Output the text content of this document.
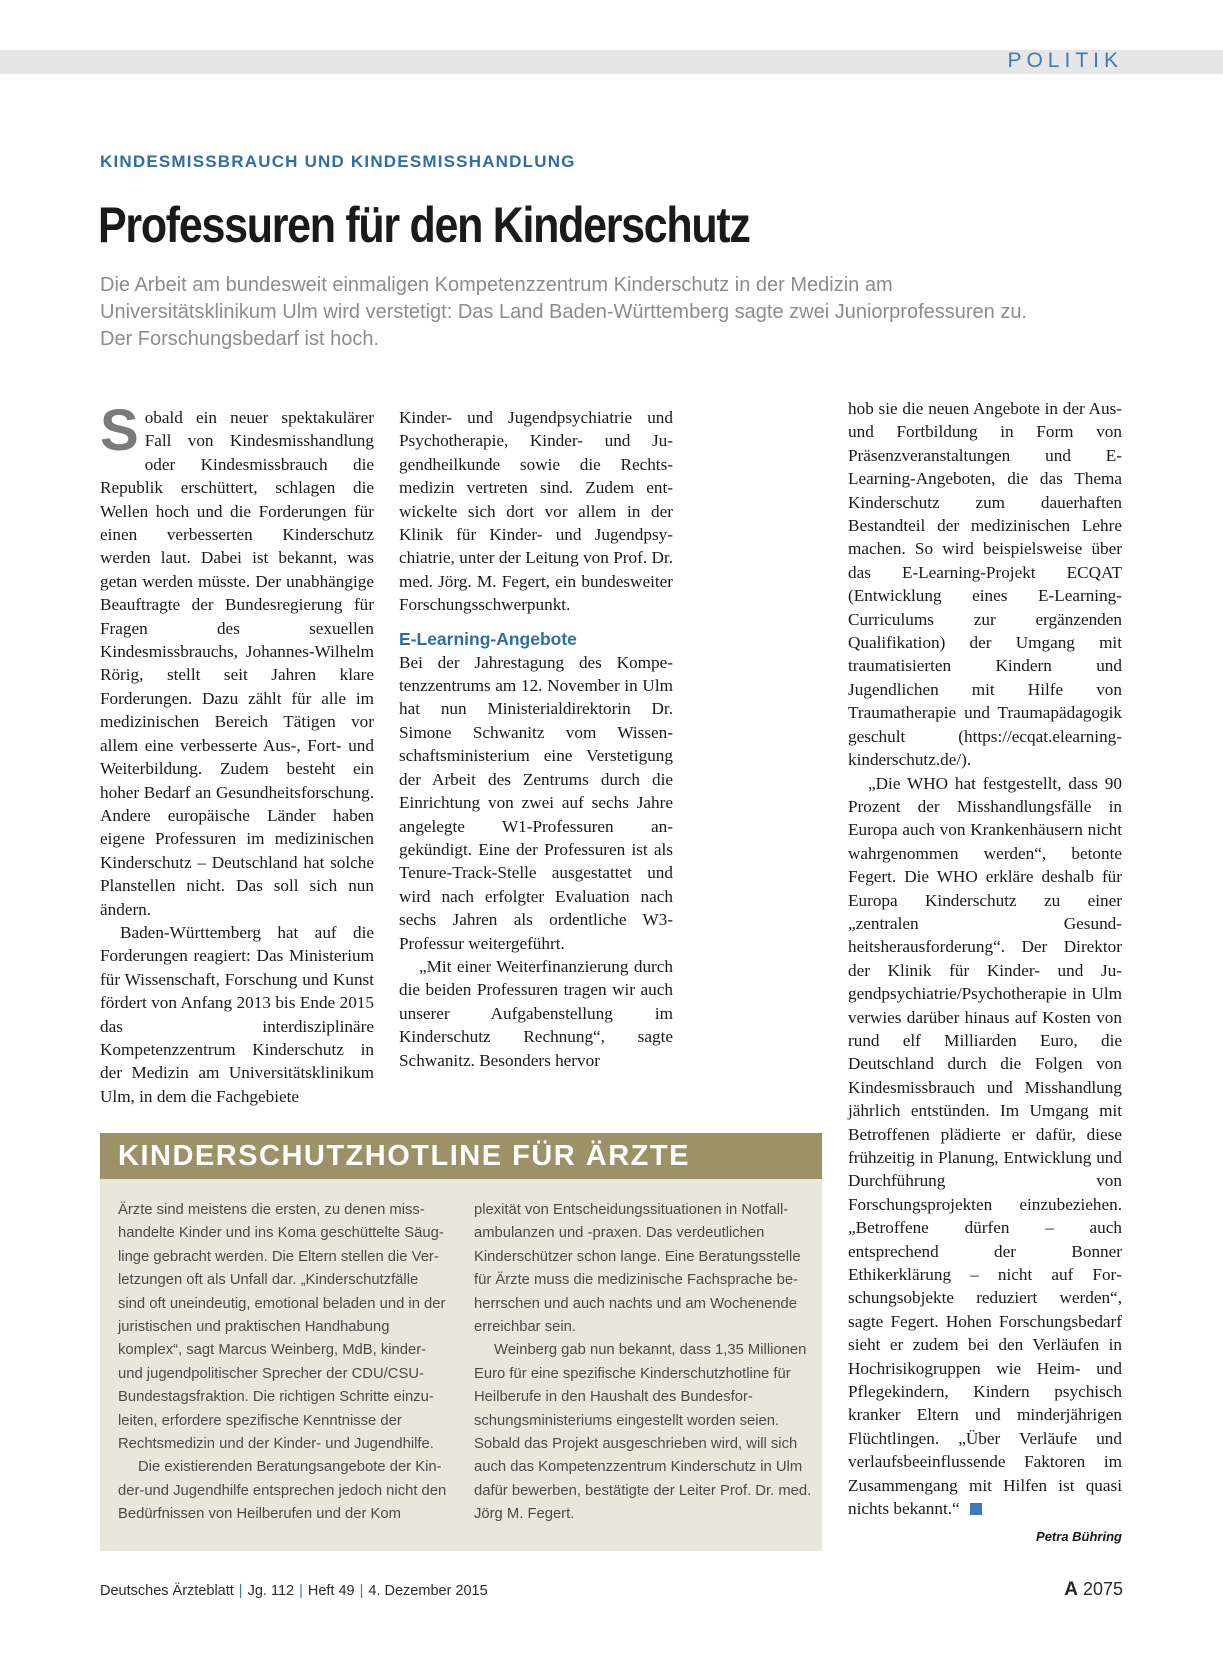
POLITIK
KINDESMISSBRAUCH UND KINDESMISSHANDLUNG
Professuren für den Kinderschutz

Die Arbeit am bundesweit einmaligen Kompetenzzentrum Kinderschutz in der Medizin am Universitätsklinikum Ulm wird verstetigt: Das Land Baden-Württemberg sagte zwei Juniorprofessuren zu. Der Forschungsbedarf ist hoch.

Sobald ein neuer spektakulärer Fall von Kindesmisshandlung oder Kindesmissbrauch die Republik erschüttert, schlagen die Wellen hoch und die Forderungen für einen verbesserten Kinderschutz werden laut. Dabei ist bekannt, was getan werden müsste. Der unabhängige Beauftragte der Bundesregierung für Fragen des sexuellen Kindesmissbrauchs, Johannes-Wilhelm Rörig, stellt seit Jahren klare Forderungen. Dazu zählt für alle im medizinischen Bereich Tätigen vor allem eine verbesserte Aus-, Fort- und Weiterbildung. Zudem besteht ein hoher Bedarf an Gesundheitsforschung. Andere europäische Länder haben eigene Professuren im medizinischen Kinderschutz – Deutschland hat solche Planstellen nicht. Das soll sich nun ändern.

Baden-Württemberg hat auf die Forderungen reagiert: Das Ministerium für Wissenschaft, Forschung und Kunst fördert von Anfang 2013 bis Ende 2015 das interdisziplinäre Kompetenzzentrum Kinderschutz in der Medizin am Universitätsklinikum Ulm, in dem die Fachgebiete

Kinder- und Jugendpsychiatrie und Psychotherapie, Kinder- und Jugendheilkunde sowie die Rechtsmedizin vertreten sind. Zudem entwickelte sich dort vor allem in der Klinik für Kinder- und Jugendpsychiatrie, unter der Leitung von Prof. Dr. med. Jörg. M. Fegert, ein bundesweiter Forschungsschwerpunkt.

E-Learning-Angebote

Bei der Jahrestagung des Kompetenzzentrums am 12. November in Ulm hat nun Ministerialdirektorin Dr. Simone Schwanitz vom Wissenschaftsministerium eine Verstetigung der Arbeit des Zentrums durch die Einrichtung von zwei auf sechs Jahre angelegte W1-Professuren angekündigt. Eine der Professuren ist als Tenure-Track-Stelle ausgestattet und wird nach erfolgter Evaluation nach sechs Jahren als ordentliche W3-Professur weitergeführt.

„Mit einer Weiterfinanzierung durch die beiden Professuren tragen wir auch unserer Aufgabenstellung im Kinderschutz Rechnung“, sagte Schwanitz. Besonders hervor

hob sie die neuen Angebote in der Aus- und Fortbildung in Form von Präsenzveranstaltungen und E-Learning-Angeboten, die das Thema Kinderschutz zum dauerhaften Bestandteil der medizinischen Lehre machen. So wird beispielsweise über das E-Learning-Projekt ECQAT (Entwicklung eines E-Learning-Curriculums zur ergänzenden Qualifikation) der Umgang mit traumatisierten Kindern und Jugendlichen mit Hilfe von Traumatherapie und Traumapädagogik geschult (https://ecqat.elearning-kinderschutz.de/).

„Die WHO hat festgestellt, dass 90 Prozent der Misshandlungsfälle in Europa auch von Krankenhäusern nicht wahrgenommen werden“, betonte Fegert. Die WHO erkläre deshalb für Europa Kinderschutz zu einer „zentralen Gesundheitsherausforderung“. Der Direktor der Klinik für Kinder- und Jugendpsychiatrie/Psychotherapie in Ulm verwies darüber hinaus auf Kosten von rund elf Milliarden Euro, die Deutschland durch die Folgen von Kindesmissbrauch und Misshandlung jährlich entstünden. Im Umgang mit Betroffenen plädierte er dafür, diese frühzeitig in Planung, Entwicklung und Durchführung von Forschungsprojekten einzubeziehen. „Betroffene dürfen – auch entsprechend der Bonner Ethikerklärung – nicht auf Forschungsobjekte reduziert werden“, sagte Fegert. Hohen Forschungsbedarf sieht er zudem bei den Verläufen in Hochrisikogruppen wie Heim- und Pflegekindern, Kindern psychisch kranker Eltern und minderjährigen Flüchtlingen. „Über Verläufe und verlaufsbeeinflussende Faktoren im Zusammengang mit Hilfen ist quasi nichts bekannt.“

Petra Bühring
KINDERSCHUTZHOTLINE FÜR ÄRZTE

Ärzte sind meistens die ersten, zu denen misshandelte Kinder und ins Koma geschüttelte Säuglinge gebracht werden. Die Eltern stellen die Verletzungen oft als Unfall dar. „Kinderschutzfälle sind oft uneindeutig, emotional beladen und in der juristischen und praktischen Handhabung komplex“, sagt Marcus Weinberg, MdB, kinder- und jugendpolitischer Sprecher der CDU/CSU-Bundestagsfraktion. Die richtigen Schritte einzuleiten, erfordere spezifische Kenntnisse der Rechtsmedizin und der Kinder- und Jugendhilfe.

Die existierenden Beratungsangebote der Kinder-und Jugendhilfe entsprechen jedoch nicht den Bedürfnissen von Heilberufen und der Kom

plexität von Entscheidungssituationen in Notfallambulanzen und -praxen. Das verdeutlichen Kinderschützer schon lange. Eine Beratungsstelle für Ärzte muss die medizinische Fachsprache beherrschen und auch nachts und am Wochenende erreichbar sein.

Weinberg gab nun bekannt, dass 1,35 Millionen Euro für eine spezifische Kinderschutzhotline für Heilberufe in den Haushalt des Bundesforschungsministeriums eingestellt worden seien. Sobald das Projekt ausgeschrieben wird, will sich auch das Kompetenzzentrum Kinderschutz in Ulm dafür bewerben, bestätigte der Leiter Prof. Dr. med. Jörg M. Fegert.

Deutsches Ärzteblatt | Jg. 112 | Heft 49 | 4. Dezember 2015	A 2075
